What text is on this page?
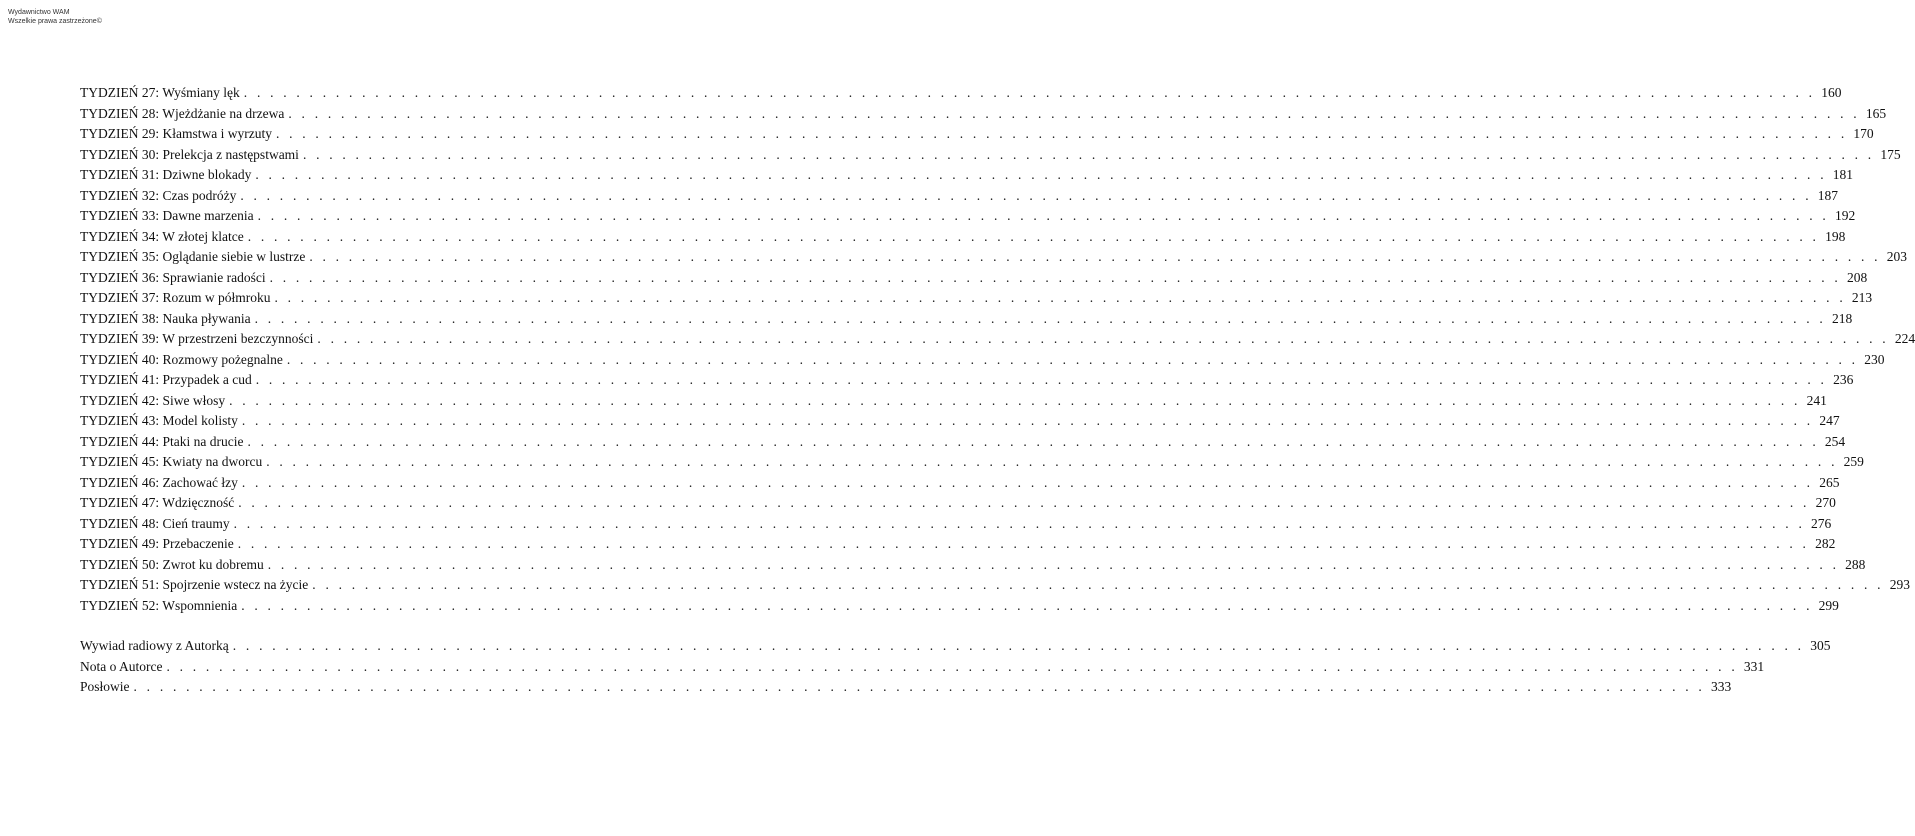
Wydawnictwo WAM
Wszelkie prawa zastrzeżone©
TYDZIEŃ 27: Wyśmiany lęk . . . . . . . . . . . . . . . . . . . . . . . . . . . . . . . . . . . . . . . . . . . . . . . . . . . . . . . . . . . . . . . . . . . . . . . . . . . . . . . . . . . . . . . . . . . . . . . . . . . . . . . . . . . . . . . . . . . . . . . . 160
TYDZIEŃ 28: Wjeżdżanie na drzewa . . . . . . . . . . . . . . . . . . . . . . . . . . . . . . . . . . . . . . . . . . . . . . . . . . . . . . . . . . . . . . . . . . . . . . . . . . . . . . . . . . . . . . . . . . . . . . . . . . . . . . . . . . . . . . . . . . . . . . . . 165
TYDZIEŃ 29: Kłamstwa i wyrzuty . . . . . . . . . . . . . . . . . . . . . . . . . . . . . . . . . . . . . . . . . . . . . . . . . . . . . . . . . . . . . . . . . . . . . . . . . . . . . . . . . . . . . . . . . . . . . . . . . . . . . . . . . . . . . . . . . . . . . . . . 170
TYDZIEŃ 30: Prelekcja z następstwami . . . . . . . . . . . . . . . . . . . . . . . . . . . . . . . . . . . . . . . . . . . . . . . . . . . . . . . . . . . . . . . . . . . . . . . . . . . . . . . . . . . . . . . . . . . . . . . . . . . . . . . . . . . . . . . . . . . . . . . . 175
TYDZIEŃ 31: Dziwne blokady . . . . . . . . . . . . . . . . . . . . . . . . . . . . . . . . . . . . . . . . . . . . . . . . . . . . . . . . . . . . . . . . . . . . . . . . . . . . . . . . . . . . . . . . . . . . . . . . . . . . . . . . . . . . . . . . . . . . . . . . 181
TYDZIEŃ 32: Czas podróży . . . . . . . . . . . . . . . . . . . . . . . . . . . . . . . . . . . . . . . . . . . . . . . . . . . . . . . . . . . . . . . . . . . . . . . . . . . . . . . . . . . . . . . . . . . . . . . . . . . . . . . . . . . . . . . . . . . . . . . . 187
TYDZIEŃ 33: Dawne marzenia . . . . . . . . . . . . . . . . . . . . . . . . . . . . . . . . . . . . . . . . . . . . . . . . . . . . . . . . . . . . . . . . . . . . . . . . . . . . . . . . . . . . . . . . . . . . . . . . . . . . . . . . . . . . . . . . . . . . . . . . 192
TYDZIEŃ 34: W złotej klatce . . . . . . . . . . . . . . . . . . . . . . . . . . . . . . . . . . . . . . . . . . . . . . . . . . . . . . . . . . . . . . . . . . . . . . . . . . . . . . . . . . . . . . . . . . . . . . . . . . . . . . . . . . . . . . . . . . . . . . . . 198
TYDZIEŃ 35: Oglądanie siebie w lustrze . . . . . . . . . . . . . . . . . . . . . . . . . . . . . . . . . . . . . . . . . . . . . . . . . . . . . . . . . . . . . . . . . . . . . . . . . . . . . . . . . . . . . . . . . . . . . . . . . . . . . . . . . . . . . . . . . . . . . . . . 203
TYDZIEŃ 36: Sprawianie radości . . . . . . . . . . . . . . . . . . . . . . . . . . . . . . . . . . . . . . . . . . . . . . . . . . . . . . . . . . . . . . . . . . . . . . . . . . . . . . . . . . . . . . . . . . . . . . . . . . . . . . . . . . . . . . . . . . . . . . . . 208
TYDZIEŃ 37: Rozum w półmroku . . . . . . . . . . . . . . . . . . . . . . . . . . . . . . . . . . . . . . . . . . . . . . . . . . . . . . . . . . . . . . . . . . . . . . . . . . . . . . . . . . . . . . . . . . . . . . . . . . . . . . . . . . . . . . . . . . . . . . . . 213
TYDZIEŃ 38: Nauka pływania . . . . . . . . . . . . . . . . . . . . . . . . . . . . . . . . . . . . . . . . . . . . . . . . . . . . . . . . . . . . . . . . . . . . . . . . . . . . . . . . . . . . . . . . . . . . . . . . . . . . . . . . . . . . . . . . . . . . . . . . 218
TYDZIEŃ 39: W przestrzeni bezczynności . . . . . . . . . . . . . . . . . . . . . . . . . . . . . . . . . . . . . . . . . . . . . . . . . . . . . . . . . . . . . . . . . . . . . . . . . . . . . . . . . . . . . . . . . . . . . . . . . . . . . . . . . . . . . . . . . . . . . . . . 224
TYDZIEŃ 40: Rozmowy pożegnalne . . . . . . . . . . . . . . . . . . . . . . . . . . . . . . . . . . . . . . . . . . . . . . . . . . . . . . . . . . . . . . . . . . . . . . . . . . . . . . . . . . . . . . . . . . . . . . . . . . . . . . . . . . . . . . . . . . . . . . . . 230
TYDZIEŃ 41: Przypadek a cud . . . . . . . . . . . . . . . . . . . . . . . . . . . . . . . . . . . . . . . . . . . . . . . . . . . . . . . . . . . . . . . . . . . . . . . . . . . . . . . . . . . . . . . . . . . . . . . . . . . . . . . . . . . . . . . . . . . . . . . . 236
TYDZIEŃ 42: Siwe włosy . . . . . . . . . . . . . . . . . . . . . . . . . . . . . . . . . . . . . . . . . . . . . . . . . . . . . . . . . . . . . . . . . . . . . . . . . . . . . . . . . . . . . . . . . . . . . . . . . . . . . . . . . . . . . . . . . . . . . . . . 241
TYDZIEŃ 43: Model kolisty . . . . . . . . . . . . . . . . . . . . . . . . . . . . . . . . . . . . . . . . . . . . . . . . . . . . . . . . . . . . . . . . . . . . . . . . . . . . . . . . . . . . . . . . . . . . . . . . . . . . . . . . . . . . . . . . . . . . . . . . 247
TYDZIEŃ 44: Ptaki na drucie . . . . . . . . . . . . . . . . . . . . . . . . . . . . . . . . . . . . . . . . . . . . . . . . . . . . . . . . . . . . . . . . . . . . . . . . . . . . . . . . . . . . . . . . . . . . . . . . . . . . . . . . . . . . . . . . . . . . . . . . 254
TYDZIEŃ 45: Kwiaty na dworcu . . . . . . . . . . . . . . . . . . . . . . . . . . . . . . . . . . . . . . . . . . . . . . . . . . . . . . . . . . . . . . . . . . . . . . . . . . . . . . . . . . . . . . . . . . . . . . . . . . . . . . . . . . . . . . . . . . . . . . . . 259
TYDZIEŃ 46: Zachować łzy . . . . . . . . . . . . . . . . . . . . . . . . . . . . . . . . . . . . . . . . . . . . . . . . . . . . . . . . . . . . . . . . . . . . . . . . . . . . . . . . . . . . . . . . . . . . . . . . . . . . . . . . . . . . . . . . . . . . . . . . 265
TYDZIEŃ 47: Wdzięczność . . . . . . . . . . . . . . . . . . . . . . . . . . . . . . . . . . . . . . . . . . . . . . . . . . . . . . . . . . . . . . . . . . . . . . . . . . . . . . . . . . . . . . . . . . . . . . . . . . . . . . . . . . . . . . . . . . . . . . . . 270
TYDZIEŃ 48: Cień traumy . . . . . . . . . . . . . . . . . . . . . . . . . . . . . . . . . . . . . . . . . . . . . . . . . . . . . . . . . . . . . . . . . . . . . . . . . . . . . . . . . . . . . . . . . . . . . . . . . . . . . . . . . . . . . . . . . . . . . . . . 276
TYDZIEŃ 49: Przebaczenie . . . . . . . . . . . . . . . . . . . . . . . . . . . . . . . . . . . . . . . . . . . . . . . . . . . . . . . . . . . . . . . . . . . . . . . . . . . . . . . . . . . . . . . . . . . . . . . . . . . . . . . . . . . . . . . . . . . . . . . . 282
TYDZIEŃ 50: Zwrot ku dobremu . . . . . . . . . . . . . . . . . . . . . . . . . . . . . . . . . . . . . . . . . . . . . . . . . . . . . . . . . . . . . . . . . . . . . . . . . . . . . . . . . . . . . . . . . . . . . . . . . . . . . . . . . . . . . . . . . . . . . . . . 288
TYDZIEŃ 51: Spojrzenie wstecz na życie . . . . . . . . . . . . . . . . . . . . . . . . . . . . . . . . . . . . . . . . . . . . . . . . . . . . . . . . . . . . . . . . . . . . . . . . . . . . . . . . . . . . . . . . . . . . . . . . . . . . . . . . . . . . . . . . . . . . . . . . 293
TYDZIEŃ 52: Wspomnienia . . . . . . . . . . . . . . . . . . . . . . . . . . . . . . . . . . . . . . . . . . . . . . . . . . . . . . . . . . . . . . . . . . . . . . . . . . . . . . . . . . . . . . . . . . . . . . . . . . . . . . . . . . . . . . . . . . . . . . . . 299
Wywiad radiowy z Autorką . . . . . . . . . . . . . . . . . . . . . . . . . . . . . . . . . . . . . . . . . . . . . . . . . . . . . . . . . . . . . . . . . . . . . . . . . . . . . . . . . . . . . . . . . . . . . . . . . . . . . . . . . . . . . . . . . . . . . . . . 305
Nota o Autorce . . . . . . . . . . . . . . . . . . . . . . . . . . . . . . . . . . . . . . . . . . . . . . . . . . . . . . . . . . . . . . . . . . . . . . . . . . . . . . . . . . . . . . . . . . . . . . . . . . . . . . . . . . . . . . . . . . . . . . . . 331
Posłowie . . . . . . . . . . . . . . . . . . . . . . . . . . . . . . . . . . . . . . . . . . . . . . . . . . . . . . . . . . . . . . . . . . . . . . . . . . . . . . . . . . . . . . . . . . . . . . . . . . . . . . . . . . . . . . . . . . . . . . . . 333
